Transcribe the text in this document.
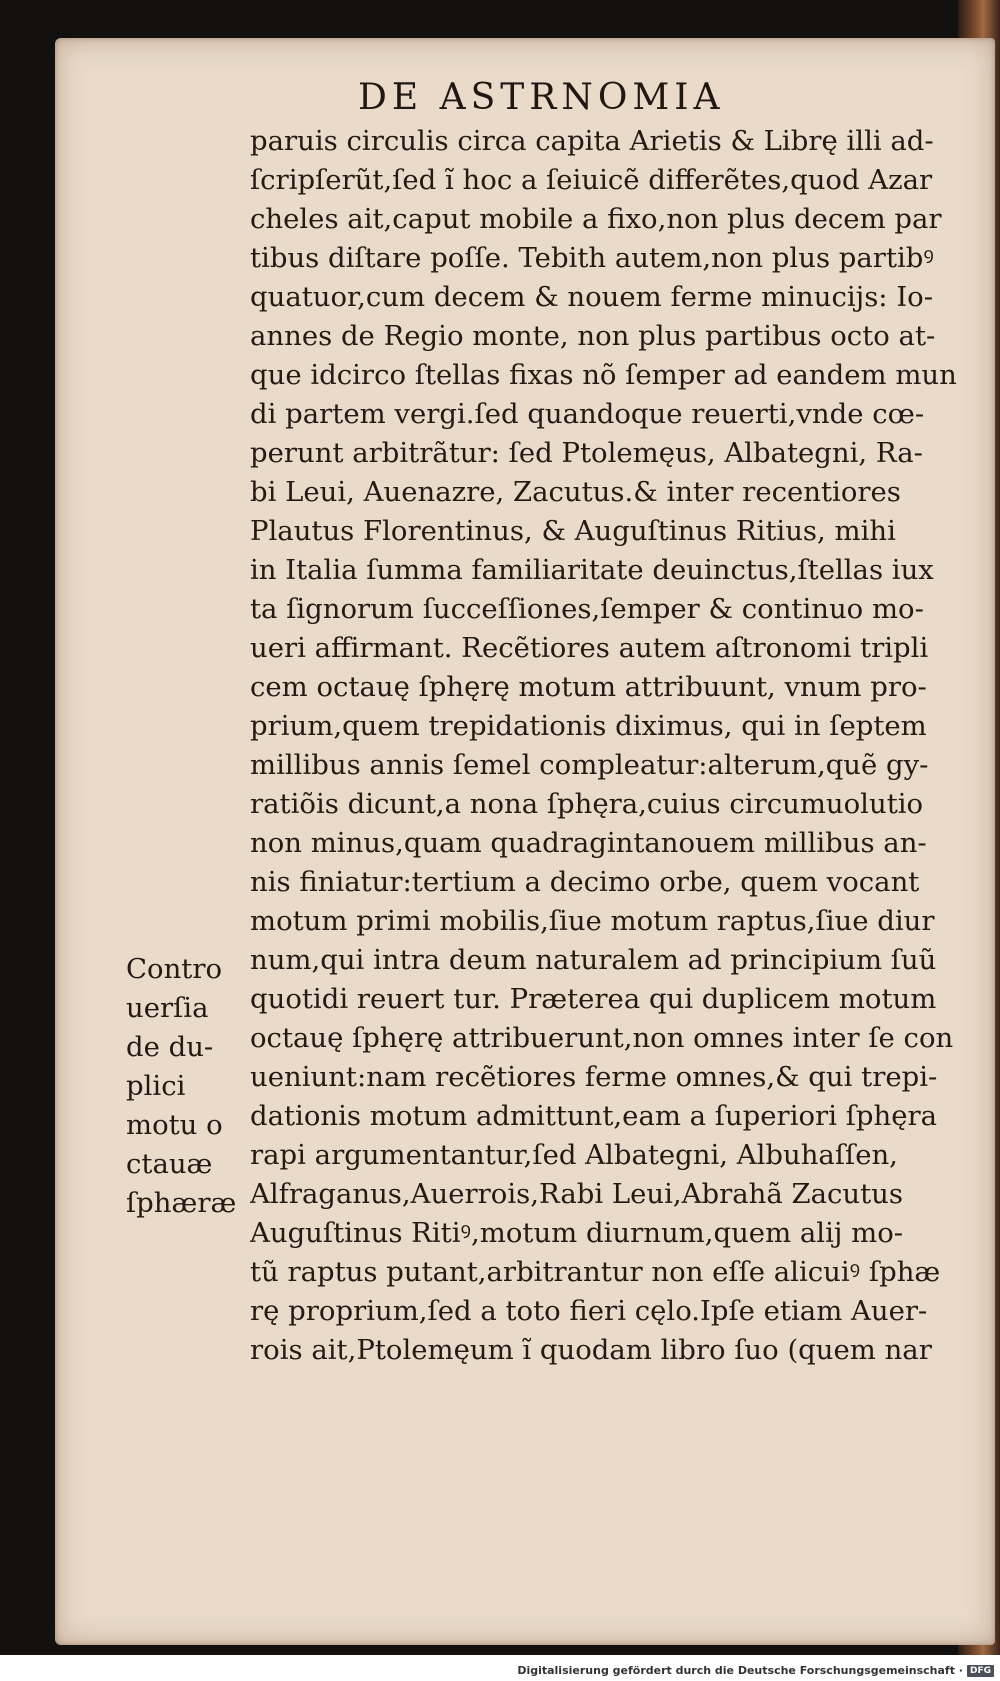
DE ASTRNOMIA
paruis circulis circa capita Arietis & Librę illi ad-
ſcripſerũt,ſed ĩ hoc a ſeiuicẽ differẽtes,quod Azar
cheles ait,caput mobile a fixo,non plus decem par
tibus diſtare poſſe. Tebith autem,non plus partibꝰ
quatuor,cum decem & nouem ferme minucijs: Io-
annes de Regio monte, non plus partibus octo at-
que idcirco ſtellas fixas nõ ſemper ad eandem mun
di partem vergi.ſed quandoque reuerti,vnde cœ-
perunt arbitrãtur: ſed Ptolemęus, Albategni, Ra-
bi Leui, Auenazre, Zacutus.& inter recentiores
Plautus Florentinus, & Auguſtinus Ritius, mihi
in Italia ſumma familiaritate deuinctus,ſtellas iux
ta ſignorum ſucceſſiones,ſemper & continuo mo-
ueri affirmant. Recẽtiores autem aſtronomi tripli
cem octauę ſphęrę motum attribuunt, vnum pro-
prium,quem trepidationis diximus, qui in ſeptem
millibus annis ſemel compleatur:alterum,quẽ gy-
ratiõis dicunt,a nona ſphęra,cuius circumuolutio
non minus,quam quadragintanouem millibus an-
nis finiatur:tertium a decimo orbe, quem vocant
motum primi mobilis,ſiue motum raptus,ſiue diur
num,qui intra deum naturalem ad principium ſuũ
quotidi reuert tur. Præterea qui duplicem motum
octauę ſphęrę attribuerunt,non omnes inter ſe con
ueniunt:nam recẽtiores ferme omnes,& qui trepi-
dationis motum admittunt,eam a ſuperiori ſphęra
rapi argumentantur,ſed Albategni, Albuhaſſen,
Alfraganus,Auerrois,Rabi Leui,Abrahã Zacutus
Auguſtinus Ritiꝰ,motum diurnum,quem alij mo-
tũ raptus putant,arbitrantur non eſſe alicuiꝰ ſphæ
rę proprium,ſed a toto fieri cęlo.Ipſe etiam Auer-
rois ait,Ptolemęum ĩ quodam libro ſuo (quem nar
Contro
uerſia
de du-
plici
motu o
ctauæ
ſphæræ
Digitalisierung gefördert durch die Deutsche Forschungsgemeinschaft · DFG
